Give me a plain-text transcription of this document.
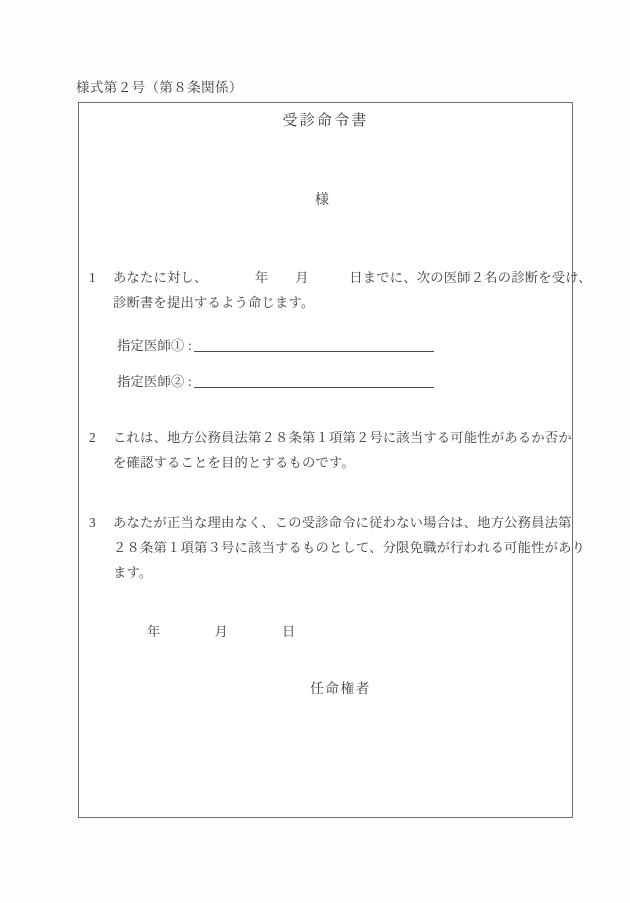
様式第２号（第８条関係）
受診命令書
様
1	あなたに対し、　　　　年　　月　　　日までに、次の医師２名の診断を受け、
診断書を提出するよう命じます。
指定医師① :
指定医師② :
2	これは、地方公務員法第２８条第１項第２号に該当する可能性があるか否か
を確認することを目的とするものです。
3	あなたが正当な理由なく、この受診命令に従わない場合は、地方公務員法第
２８条第１項第３号に該当するものとして、分限免職が行われる可能性があり
ます。
年　　　　月　　　　日
任命権者
